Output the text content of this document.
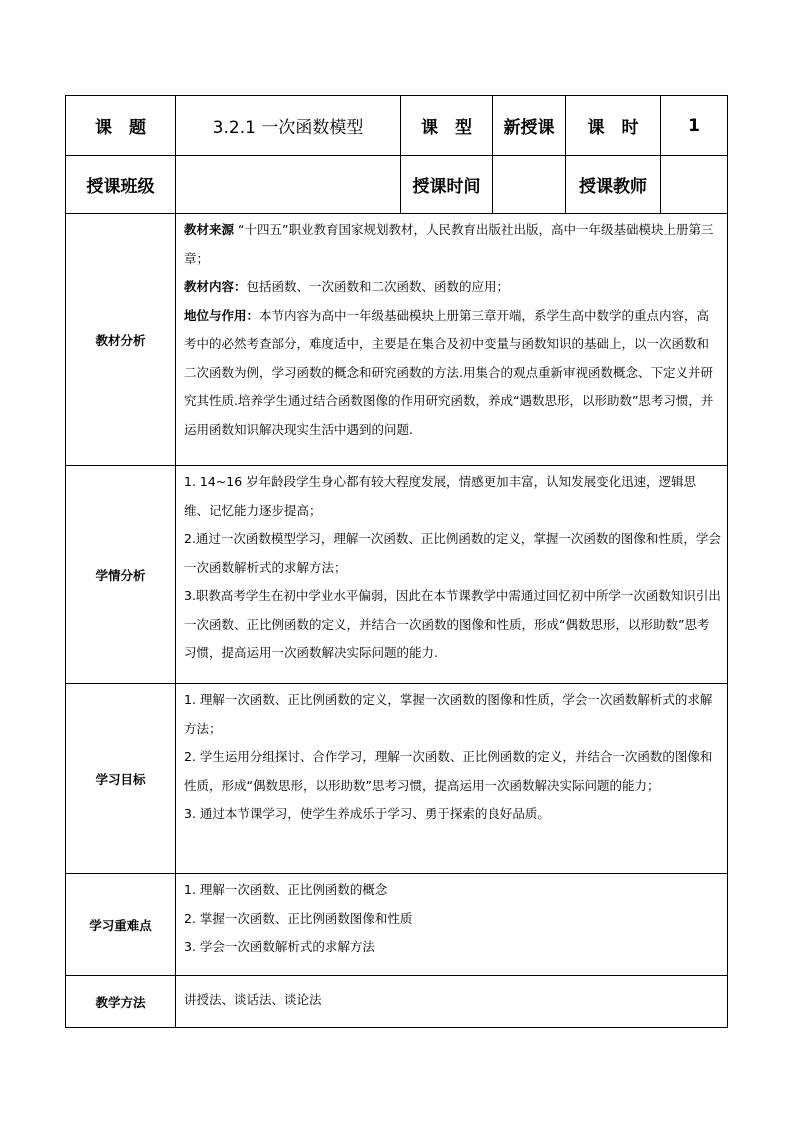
课　题	3.2.1 一次函数模型	课　型	新授课	课　时	1
授课班级		授课时间		授课教师	
教材分析	教材来源 “十四五”职业教育国家规划教材，人民教育出版社出版，高中一年级基础模块上册第三章；

教材内容：包括函数、一次函数和二次函数、函数的应用；

地位与作用：本节内容为高中一年级基础模块上册第三章开端，系学生高中数学的重点内容，高考中的必然考查部分，难度适中，主要是在集合及初中变量与函数知识的基础上，以一次函数和二次函数为例，学习函数的概念和研究函数的方法.用集合的观点重新审视函数概念、下定义并研究其性质.培养学生通过结合函数图像的作用研究函数，养成“遇数思形，以形助数”思考习惯，并运用函数知识解决现实生活中遇到的问题.				

学情分析	1. 14~16 岁年龄段学生身心都有较大程度发展，情感更加丰富，认知发展变化迅速，逻辑思维、记忆能力逐步提高；

2.通过一次函数模型学习，理解一次函数、正比例函数的定义，掌握一次函数的图像和性质，学会一次函数解析式的求解方法；

3.职教高考学生在初中学业水平偏弱，因此在本节课教学中需通过回忆初中所学一次函数知识引出一次函数、正比例函数的定义，并结合一次函数的图像和性质，形成“偶数思形，以形助数”思考习惯，提高运用一次函数解决实际问题的能力.				

学习目标	1. 理解一次函数、正比例函数的定义，掌握一次函数的图像和性质，学会一次函数解析式的求解方法；

2. 学生运用分组探讨、合作学习，理解一次函数、正比例函数的定义，并结合一次函数的图像和性质，形成“偶数思形，以形助数”思考习惯，提高运用一次函数解决实际问题的能力；

3. 通过本节课学习，使学生养成乐于学习、勇于探索的良好品质。				

学习重难点	1. 理解一次函数、正比例函数的概念

2. 掌握一次函数、正比例函数图像和性质

3. 学会一次函数解析式的求解方法				

教学方法	讲授法、谈话法、谈论法				
